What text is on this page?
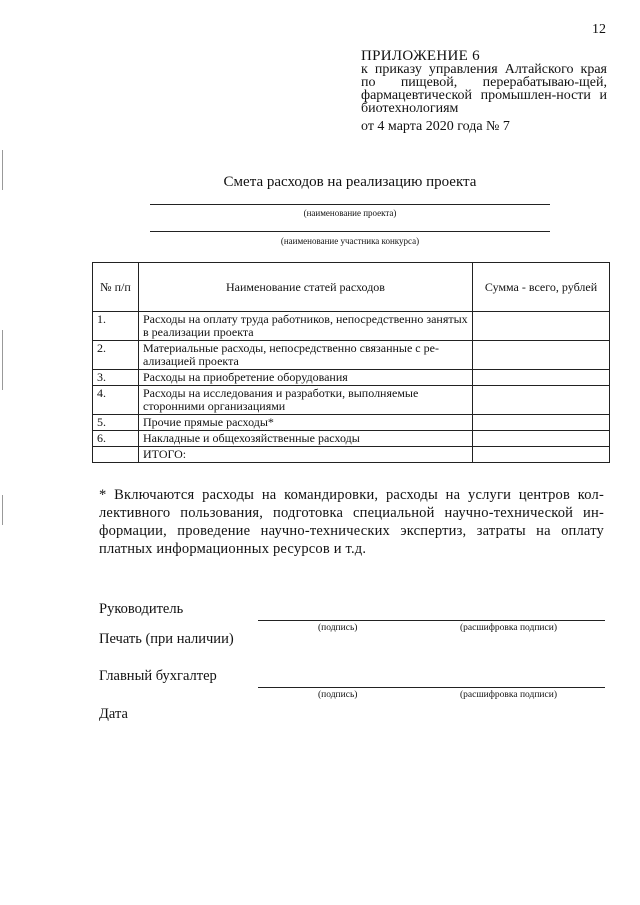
12
ПРИЛОЖЕНИЕ 6
к приказу управления Алтайского края по пищевой, перерабатываю-щей, фармацевтической промышлен-ности и биотехнологиям
от 4 марта 2020 года № 7
Смета расходов на реализацию проекта
(наименование проекта)
(наименование участника конкурса)
№ п/п	Наименование статей расходов	Сумма - всего, рублей
1.	Расходы на оплату труда работников, непосредственно занятых в реализации проекта	
2.	Материальные расходы, непосредственно связанные с ре-ализацией проекта	
3.	Расходы на приобретение оборудования	
4.	Расходы на исследования и разработки, выполняемые сторонними организациями	
5.	Прочие прямые расходы*	
6.	Накладные и общехозяйственные расходы	
	ИТОГО:	
* Включаются расходы на командировки, расходы на услуги центров кол-лективного пользования, подготовка специальной научно-технической ин-формации, проведение научно-технических экспертиз, затраты на оплату платных информационных ресурсов и т.д.
Руководитель
(подпись)	(расшифровка подписи)
Печать (при наличии)
Главный бухгалтер
(подпись)	(расшифровка подписи)
Дата
